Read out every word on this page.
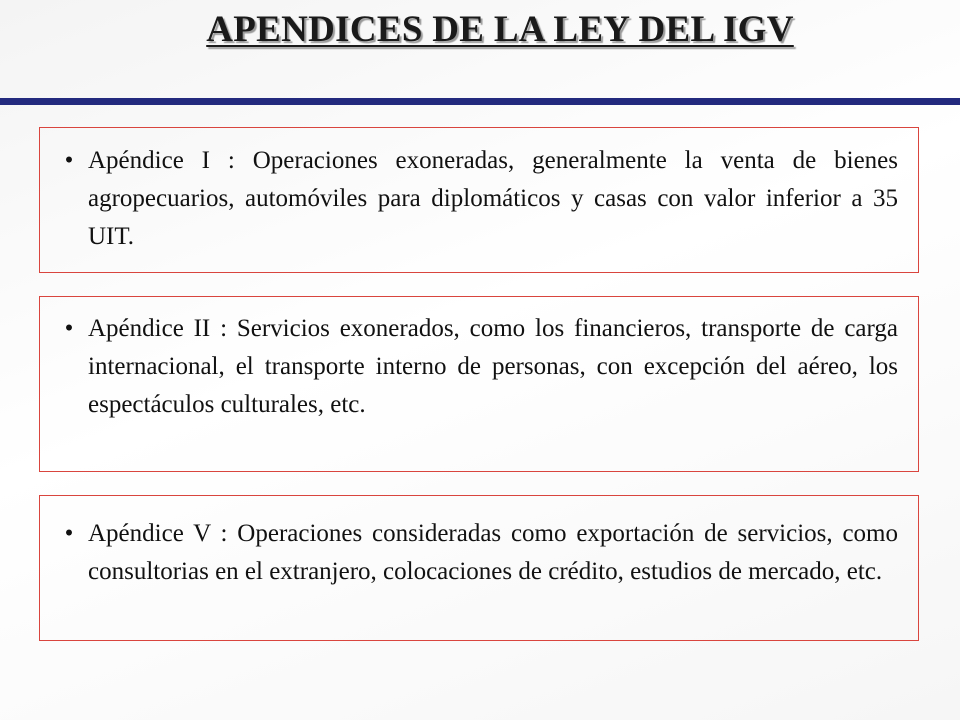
APENDICES DE LA LEY DEL IGV
• Apéndice I : Operaciones exoneradas, generalmente la venta de bienes agropecuarios, automóviles para diplomáticos y casas con valor inferior a 35 UIT.
• Apéndice II : Servicios exonerados, como los financieros, transporte de carga internacional, el transporte interno de personas, con excepción del aéreo, los espectáculos culturales, etc.
• Apéndice V : Operaciones consideradas como exportación de servicios, como consultorias en el extranjero, colocaciones de crédito, estudios de mercado, etc.
